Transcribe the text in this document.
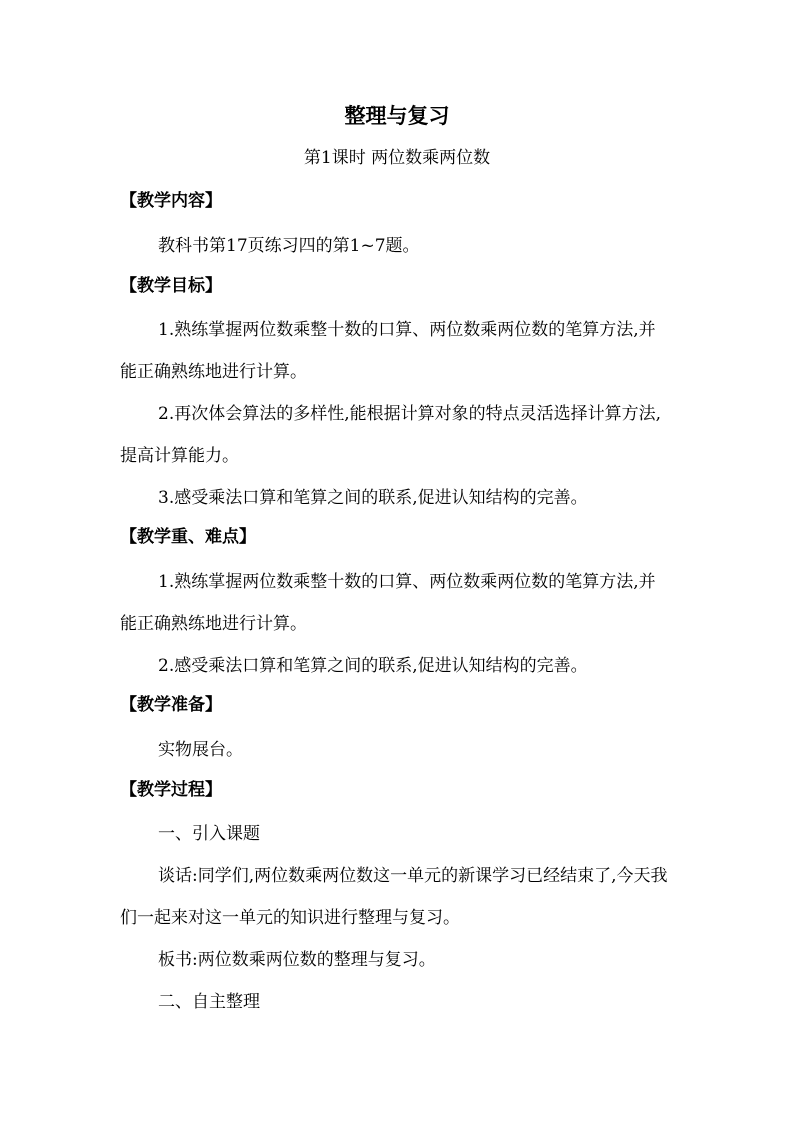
整理与复习
第1课时 两位数乘两位数
【教学内容】
教科书第17页练习四的第1~7题。
【教学目标】
1.熟练掌握两位数乘整十数的口算、两位数乘两位数的笔算方法,并能正确熟练地进行计算。
2.再次体会算法的多样性,能根据计算对象的特点灵活选择计算方法,提高计算能力。
3.感受乘法口算和笔算之间的联系,促进认知结构的完善。
【教学重、难点】
1.熟练掌握两位数乘整十数的口算、两位数乘两位数的笔算方法,并能正确熟练地进行计算。
2.感受乘法口算和笔算之间的联系,促进认知结构的完善。
【教学准备】
实物展台。
【教学过程】
一、引入课题
谈话:同学们,两位数乘两位数这一单元的新课学习已经结束了,今天我们一起来对这一单元的知识进行整理与复习。
板书:两位数乘两位数的整理与复习。
二、自主整理
